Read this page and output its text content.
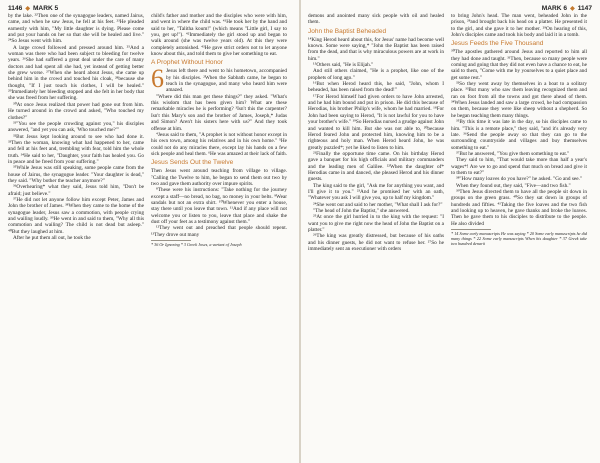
1146 ◆ MARK 5

by the lake. ²²Then one of the synagogue leaders, named Jairus, came, and when he saw Jesus, he fell at his feet. ²³He pleaded earnestly with him, "My little daughter is dying. Please come and put your hands on her so that she will be healed and live." ²⁴So Jesus went with him.

A large crowd followed and pressed around him. ²⁵And a woman was there who had been subject to bleeding for twelve years. ²⁶She had suffered a great deal under the care of many doctors and had spent all she had, yet instead of getting better she grew worse. ²⁷When she heard about Jesus, she came up behind him in the crowd and touched his cloak, ²⁸because she thought, "If I just touch his clothes, I will be healed." ²⁹Immediately her bleeding stopped and she felt in her body that she was freed from her suffering.

³⁰At once Jesus realized that power had gone out from him. He turned around in the crowd and asked, "Who touched my clothes?"

³¹"You see the people crowding against you," his disciples answered, "and yet you can ask, 'Who touched me?'"

³²But Jesus kept looking around to see who had done it. ³³Then the woman, knowing what had happened to her, came and fell at his feet and, trembling with fear, told him the whole truth. ³⁴He said to her, "Daughter, your faith has healed you. Go in peace and be freed from your suffering."

³⁵While Jesus was still speaking, some people came from the house of Jairus, the synagogue leader. "Your daughter is dead," they said. "Why bother the teacher anymore?"

³⁶Overhearing* what they said, Jesus told him, "Don't be afraid; just believe."

³⁷He did not let anyone follow him except Peter, James and John the brother of James. ³⁸When they came to the home of the synagogue leader, Jesus saw a commotion, with people crying and wailing loudly. ³⁹He went in and said to them, "Why all this commotion and wailing? The child is not dead but asleep." ⁴⁰But they laughed at him.

After he put them all out, he took the

child's father and mother and the disciples who were with him, and went in where the child was. ⁴¹He took her by the hand and said to her, "Talitha koum!" (which means "Little girl, I say to you, get up!"). ⁴²Immediately the girl stood up and began to walk around (she was twelve years old). At this they were completely astonished. ⁴³He gave strict orders not to let anyone know about this, and told them to give her something to eat.

A Prophet Without Honor
6 Jesus left there and went to his hometown, accompanied by his disciples. ²When the Sabbath came, he began to teach in the synagogue, and many who heard him were amazed.

"Where did this man get these things?" they asked. "What's this wisdom that has been given him? What are these remarkable miracles he is performing? ³Isn't this the carpenter? Isn't this Mary's son and the brother of James, Joseph,* Judas and Simon? Aren't his sisters here with us?" And they took offense at him.

⁴Jesus said to them, "A prophet is not without honor except in his own town, among his relatives and in his own home." ⁵He could not do any miracles there, except lay his hands on a few sick people and heal them. ⁶He was amazed at their lack of faith.

Jesus Sends Out the Twelve

Then Jesus went around teaching from village to village. ⁷Calling the Twelve to him, he began to send them out two by two and gave them authority over impure spirits.

⁸These were his instructions: "Take nothing for the journey except a staff—no bread, no bag, no money in your belts. ⁹Wear sandals but not an extra shirt. ¹⁰Whenever you enter a house, stay there until you leave that town. ¹¹And if any place will not welcome you or listen to you, leave that place and shake the dust off your feet as a testimony against them."

¹²They went out and preached that people should repent. ¹³They drove out many

* 36 Or Ignoring * 3 Greek Joses, a variant of Joseph
MARK 6 ◆ 1147

demons and anointed many sick people with oil and healed them.

John the Baptist Beheaded

¹⁴King Herod heard about this, for Jesus' name had become well known. Some were saying,* "John the Baptist has been raised from the dead, and that is why miraculous powers are at work in him."

¹⁵Others said, "He is Elijah."

And still others claimed, "He is a prophet, like one of the prophets of long ago."

¹⁶But when Herod heard this, he said, "John, whom I beheaded, has been raised from the dead!"

¹⁷For Herod himself had given orders to have John arrested, and he had him bound and put in prison. He did this because of Herodias, his brother Philip's wife, whom he had married. ¹⁸For John had been saying to Herod, "It is not lawful for you to have your brother's wife." ¹⁹So Herodias nursed a grudge against John and wanted to kill him. But she was not able to, ²⁰because Herod feared John and protected him, knowing him to be a righteous and holy man. When Herod heard John, he was greatly puzzled*; yet he liked to listen to him.

²¹Finally the opportune time came. On his birthday Herod gave a banquet for his high officials and military commanders and the leading men of Galilee. ²²When the daughter of* Herodias came in and danced, she pleased Herod and his dinner guests.

The king said to the girl, "Ask me for anything you want, and I'll give it to you." ²³And he promised her with an oath, "Whatever you ask I will give you, up to half my kingdom."

²⁴She went out and said to her mother, "What shall I ask for?"

"The head of John the Baptist," she answered.

²⁵At once the girl hurried in to the king with the request: "I want you to give me right now the head of John the Baptist on a platter."

²⁶The king was greatly distressed, but because of his oaths and his dinner guests, he did not want to refuse her. ²⁷So he immediately sent an executioner with orders

to bring John's head. The man went, beheaded John in the prison, ²⁸and brought back his head on a platter. He presented it to the girl, and she gave it to her mother. ²⁹On hearing of this, John's disciples came and took his body and laid it in a tomb.

Jesus Feeds the Five Thousand

³⁰The apostles gathered around Jesus and reported to him all they had done and taught. ³¹Then, because so many people were coming and going that they did not even have a chance to eat, he said to them, "Come with me by yourselves to a quiet place and get some rest."

³²So they went away by themselves in a boat to a solitary place. ³³But many who saw them leaving recognized them and ran on foot from all the towns and got there ahead of them. ³⁴When Jesus landed and saw a large crowd, he had compassion on them, because they were like sheep without a shepherd. So he began teaching them many things.

³⁵By this time it was late in the day, so his disciples came to him. "This is a remote place," they said, "and it's already very late. ³⁶Send the people away so that they can go to the surrounding countryside and villages and buy themselves something to eat."

³⁷But he answered, "You give them something to eat."

They said to him, "That would take more than half a year's wages*! Are we to go and spend that much on bread and give it to them to eat?"

³⁸"How many loaves do you have?" he asked. "Go and see."

When they found out, they said, "Five—and two fish."

³⁹Then Jesus directed them to have all the people sit down in groups on the green grass. ⁴⁰So they sat down in groups of hundreds and fifties. ⁴¹Taking the five loaves and the two fish and looking up to heaven, he gave thanks and broke the loaves. Then he gave them to his disciples to distribute to the people. He also divided

* 14 Some early manuscripts He was saying * 20 Some early manuscripts he did many things * 22 Some early manuscripts When his daughter * 37 Greek take two hundred denarii
